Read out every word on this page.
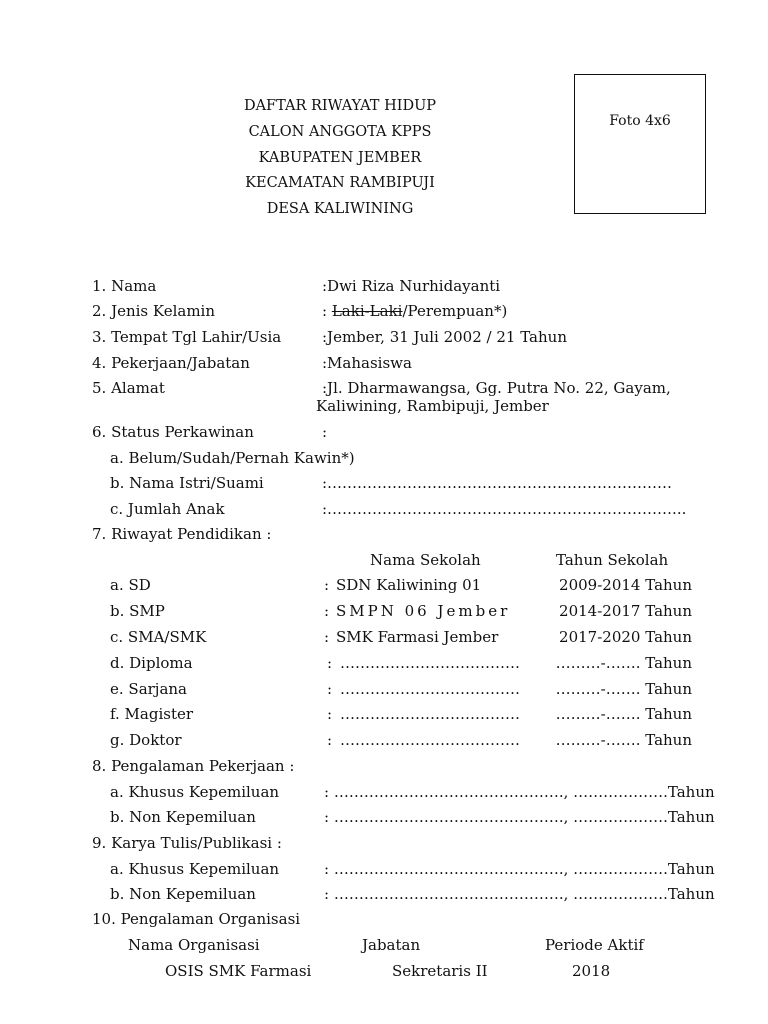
DAFTAR RIWAYAT HIDUP
CALON ANGGOTA KPPS
KABUPATEN JEMBER
KECAMATAN RAMBIPUJI
DESA KALIWINING
Foto 4x6
1. Nama	:Dwi Riza Nurhidayanti
2. Jenis Kelamin	: Laki-Laki/Perempuan*)
3. Tempat Tgl Lahir/Usia	:Jember, 31 Juli 2002 / 21 Tahun
4. Pekerjaan/Jabatan	:Mahasiswa
5. Alamat	:Jl. Dharmawangsa, Gg. Putra No. 22, Gayam,
Kaliwining, Rambipuji, Jember
6. Status Perkawinan	:
a. Belum/Sudah/Pernah Kawin*)
b. Nama Istri/Suami	:……………………………………………………………
c. Jumlah Anak	:……………………………………………………………...
7. Riwayat Pendidikan :
Nama Sekolah	Tahun Sekolah
a. SD	: SDN Kaliwining 01	2009-2014 Tahun
b. SMP	: SMPN 06 Jember	2014-2017 Tahun
c. SMA/SMK	: SMK Farmasi Jember	2017-2020 Tahun
d. Diploma	: ………………………………	………-……. Tahun
e. Sarjana	: ………………………………	………-……. Tahun
f. Magister	: ………………………………	………-……. Tahun
g. Doktor	: ………………………………	………-……. Tahun
8. Pengalaman Pekerjaan :
a. Khusus Kepemiluan	: ………………………………………., ……………….Tahun
b. Non Kepemiluan	: ………………………………………., ……………….Tahun
9. Karya Tulis/Publikasi :
a. Khusus Kepemiluan	: ………………………………………., ……………….Tahun
b. Non Kepemiluan	: ………………………………………., ……………….Tahun
10. Pengalaman Organisasi
Nama Organisasi	Jabatan	Periode Aktif
OSIS SMK Farmasi	Sekretaris II	2018
